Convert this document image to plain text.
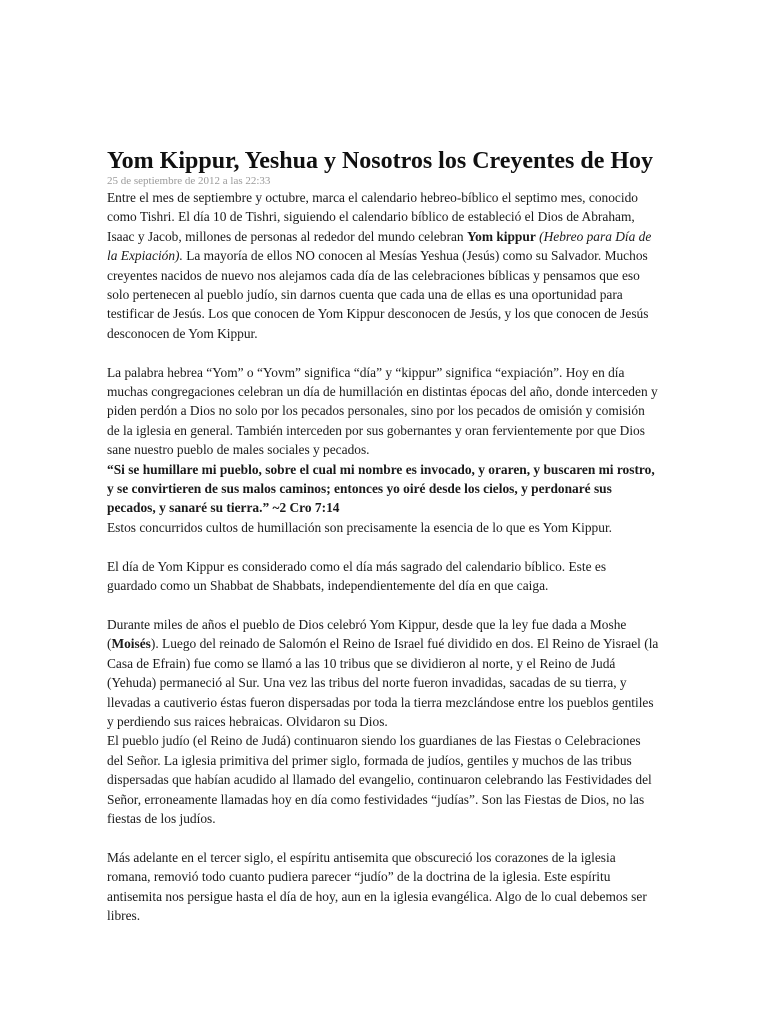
Yom Kippur, Yeshua y Nosotros los Creyentes de Hoy
25 de septiembre de 2012 a las 22:33

Entre el mes de septiembre y octubre, marca el calendario hebreo-bíblico el septimo mes, conocido como Tishri. El día 10 de Tishri, siguiendo el calendario bíblico de estableció el Dios de Abraham, Isaac y Jacob, millones de personas al rededor del mundo celebran Yom kippur (Hebreo para Día de la Expiación). La mayoría de ellos NO conocen al Mesías Yeshua (Jesús) como su Salvador. Muchos creyentes nacidos de nuevo nos alejamos cada día de las celebraciones bíblicas y pensamos que eso solo pertenecen al pueblo judío, sin darnos cuenta que cada una de ellas es una oportunidad para testificar de Jesús. Los que conocen de Yom Kippur desconocen de Jesús, y los que conocen de Jesús desconocen de Yom Kippur.

La palabra hebrea “Yom” o “Yovm” significa “día” y “kippur” significa “expiación”. Hoy en día muchas congregaciones celebran un día de humillación en distintas épocas del año, donde interceden y piden perdón a Dios no solo por los pecados personales, sino por los pecados de omisión y comisión de la iglesia en general. También interceden por sus gobernantes y oran fervientemente por que Dios sane nuestro pueblo de males sociales y pecados.

“Si se humillare mi pueblo, sobre el cual mi nombre es invocado, y oraren, y buscaren mi rostro, y se convirtieren de sus malos caminos; entonces yo oiré desde los cielos, y perdonaré sus pecados, y sanaré su tierra.” ~2 Cro 7:14

Estos concurridos cultos de humillación son precisamente la esencia de lo que es Yom Kippur.

El día de Yom Kippur es considerado como el día más sagrado del calendario bíblico. Este es guardado como un Shabbat de Shabbats, independientemente del día en que caiga.

Durante miles de años el pueblo de Dios celebró Yom Kippur, desde que la ley fue dada a Moshe (Moisés). Luego del reinado de Salomón el Reino de Israel fué dividido en dos. El Reino de Yisrael (la Casa de Efrain) fue como se llamó a las 10 tribus que se dividieron al norte, y el Reino de Judá (Yehuda) permaneció al Sur. Una vez las tribus del norte fueron invadidas, sacadas de su tierra, y llevadas a cautiverio éstas fueron dispersadas por toda la tierra mezclándose entre los pueblos gentiles y perdiendo sus raices hebraicas. Olvidaron su Dios.

El pueblo judío (el Reino de Judá) continuaron siendo los guardianes de las Fiestas o Celebraciones del Señor. La iglesia primitiva del primer siglo, formada de judíos, gentiles y muchos de las tribus dispersadas que habían acudido al llamado del evangelio, continuaron celebrando las Festividades del Señor, erroneamente llamadas hoy en día como festividades “judías”. Son las Fiestas de Dios, no las fiestas de los judíos.

Más adelante en el tercer siglo, el espíritu antisemita que obscureció los corazones de la iglesia romana, removió todo cuanto pudiera parecer “judío” de la doctrina de la iglesia. Este espíritu antisemita nos persigue hasta el día de hoy, aun en la iglesia evangélica. Algo de lo cual debemos ser libres.
